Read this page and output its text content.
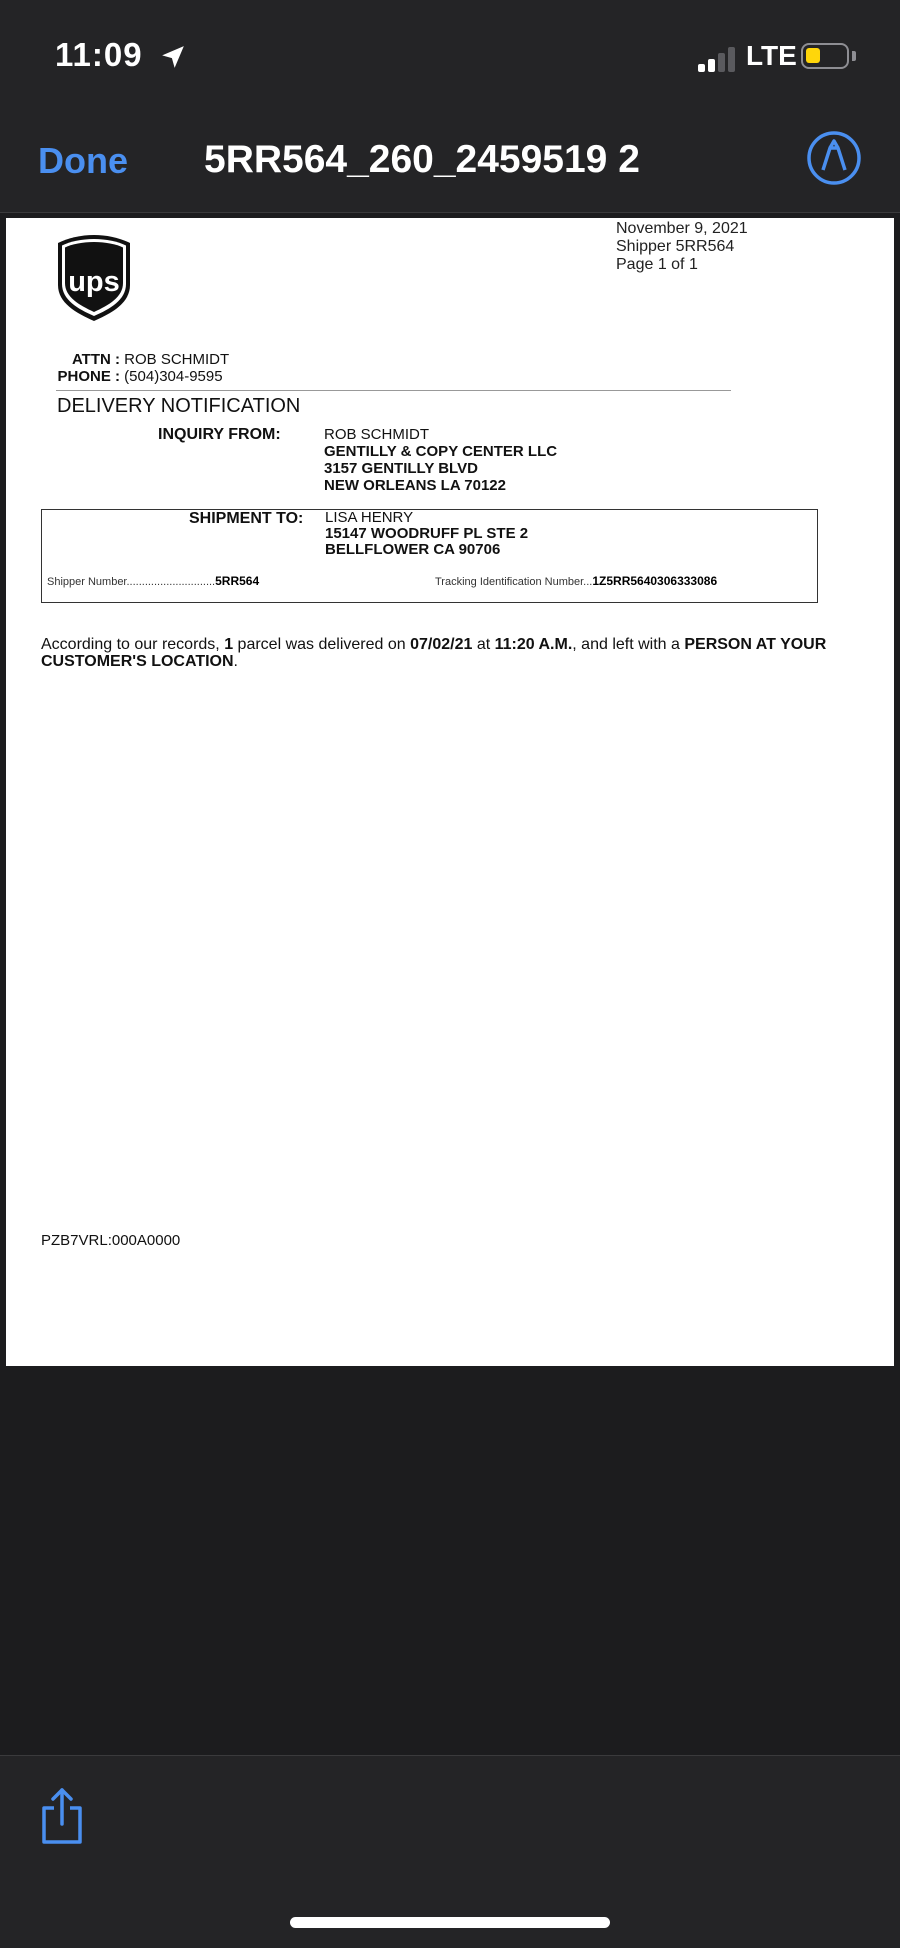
11:09	LTE
Done 5RR564_260_2459519 2
ups
November 9, 2021
Shipper 5RR564
Page 1 of 1
ATTN : ROB SCHMIDT
PHONE : (504)304-9595
DELIVERY NOTIFICATION
INQUIRY FROM:	ROB SCHMIDT
GENTILLY & COPY CENTER LLC
3157 GENTILLY BLVD
NEW ORLEANS LA 70122
SHIPMENT TO: LISA HENRY
15147 WOODRUFF PL STE 2
BELLFLOWER CA 90706
Shipper Number.............................5RR564	Tracking Identification Number...1Z5RR5640306333086
According to our records, 1 parcel was delivered on 07/02/21 at 11:20 A.M., and left with a PERSON AT YOUR CUSTOMER'S LOCATION.
PZB7VRL:000A0000
